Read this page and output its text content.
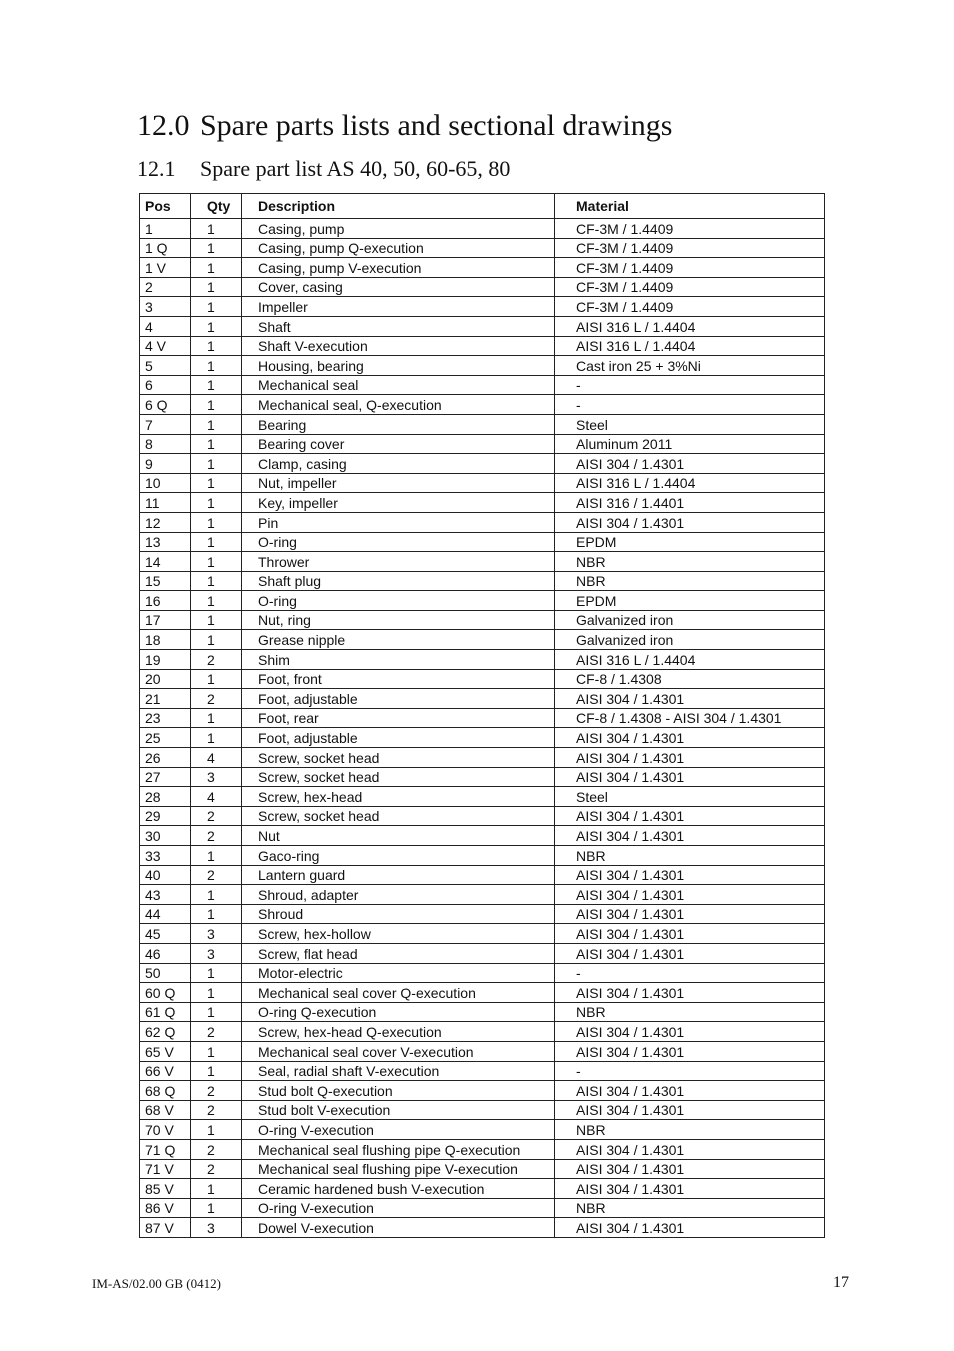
12.0 Spare parts lists and sectional drawings
12.1 Spare part list AS 40, 50, 60-65, 80
Pos	Qty	Description	Material
1	1	Casing, pump	CF-3M / 1.4409
1 Q	1	Casing, pump Q-execution	CF-3M / 1.4409
1 V	1	Casing, pump V-execution	CF-3M / 1.4409
2	1	Cover, casing	CF-3M / 1.4409
3	1	Impeller	CF-3M / 1.4409
4	1	Shaft	AISI 316 L / 1.4404
4 V	1	Shaft V-execution	AISI 316 L / 1.4404
5	1	Housing, bearing	Cast iron 25 + 3%Ni
6	1	Mechanical seal	-
6 Q	1	Mechanical seal, Q-execution	-
7	1	Bearing	Steel
8	1	Bearing cover	Aluminum 2011
9	1	Clamp, casing	AISI 304 / 1.4301
10	1	Nut, impeller	AISI 316 L / 1.4404
11	1	Key, impeller	AISI 316 / 1.4401
12	1	Pin	AISI 304 / 1.4301
13	1	O-ring	EPDM
14	1	Thrower	NBR
15	1	Shaft plug	NBR
16	1	O-ring	EPDM
17	1	Nut, ring	Galvanized iron
18	1	Grease nipple	Galvanized iron
19	2	Shim	AISI 316 L / 1.4404
20	1	Foot, front	CF-8 / 1.4308
21	2	Foot, adjustable	AISI 304 / 1.4301
23	1	Foot, rear	CF-8 / 1.4308 - AISI 304 / 1.4301
25	1	Foot, adjustable	AISI 304 / 1.4301
26	4	Screw, socket head	AISI 304 / 1.4301
27	3	Screw, socket head	AISI 304 / 1.4301
28	4	Screw, hex-head	Steel
29	2	Screw, socket head	AISI 304 / 1.4301
30	2	Nut	AISI 304 / 1.4301
33	1	Gaco-ring	NBR
40	2	Lantern guard	AISI 304 / 1.4301
43	1	Shroud, adapter	AISI 304 / 1.4301
44	1	Shroud	AISI 304 / 1.4301
45	3	Screw, hex-hollow	AISI 304 / 1.4301
46	3	Screw, flat head	AISI 304 / 1.4301
50	1	Motor-electric	-
60 Q	1	Mechanical seal cover Q-execution	AISI 304 / 1.4301
61 Q	1	O-ring Q-execution	NBR
62 Q	2	Screw, hex-head Q-execution	AISI 304 / 1.4301
65 V	1	Mechanical seal cover V-execution	AISI 304 / 1.4301
66 V	1	Seal, radial shaft V-execution	-
68 Q	2	Stud bolt Q-execution	AISI 304 / 1.4301
68 V	2	Stud bolt V-execution	AISI 304 / 1.4301
70 V	1	O-ring V-execution	NBR
71 Q	2	Mechanical seal flushing pipe Q-execution	AISI 304 / 1.4301
71 V	2	Mechanical seal flushing pipe V-execution	AISI 304 / 1.4301
85 V	1	Ceramic hardened bush V-execution	AISI 304 / 1.4301
86 V	1	O-ring V-execution	NBR
87 V	3	Dowel V-execution	AISI 304 / 1.4301
IM-AS/02.00 GB (0412)	17
